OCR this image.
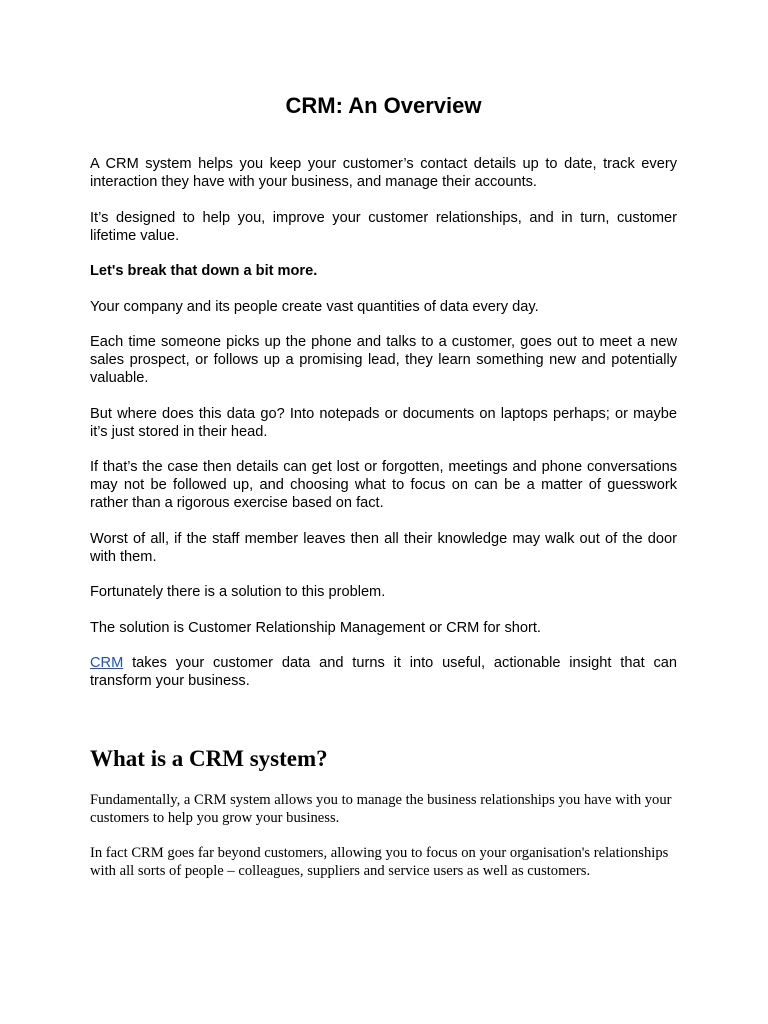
CRM: An Overview

A CRM system helps you keep your customer’s contact details up to date, track every interaction they have with your business, and manage their accounts.

It’s designed to help you, improve your customer relationships, and in turn, customer lifetime value.

Let's break that down a bit more.

Your company and its people create vast quantities of data every day.

Each time someone picks up the phone and talks to a customer, goes out to meet a new sales prospect, or follows up a promising lead, they learn something new and potentially valuable.

But where does this data go? Into notepads or documents on laptops perhaps; or maybe it’s just stored in their head.

If that’s the case then details can get lost or forgotten, meetings and phone conversations may not be followed up, and choosing what to focus on can be a matter of guesswork rather than a rigorous exercise based on fact.

Worst of all, if the staff member leaves then all their knowledge may walk out of the door with them.

Fortunately there is a solution to this problem.

The solution is Customer Relationship Management or CRM for short.

CRM takes your customer data and turns it into useful, actionable insight that can transform your business.

What is a CRM system?

Fundamentally, a CRM system allows you to manage the business relationships you have with your customers to help you grow your business.

In fact CRM goes far beyond customers, allowing you to focus on your organisation's relationships with all sorts of people – colleagues, suppliers and service users as well as customers.
